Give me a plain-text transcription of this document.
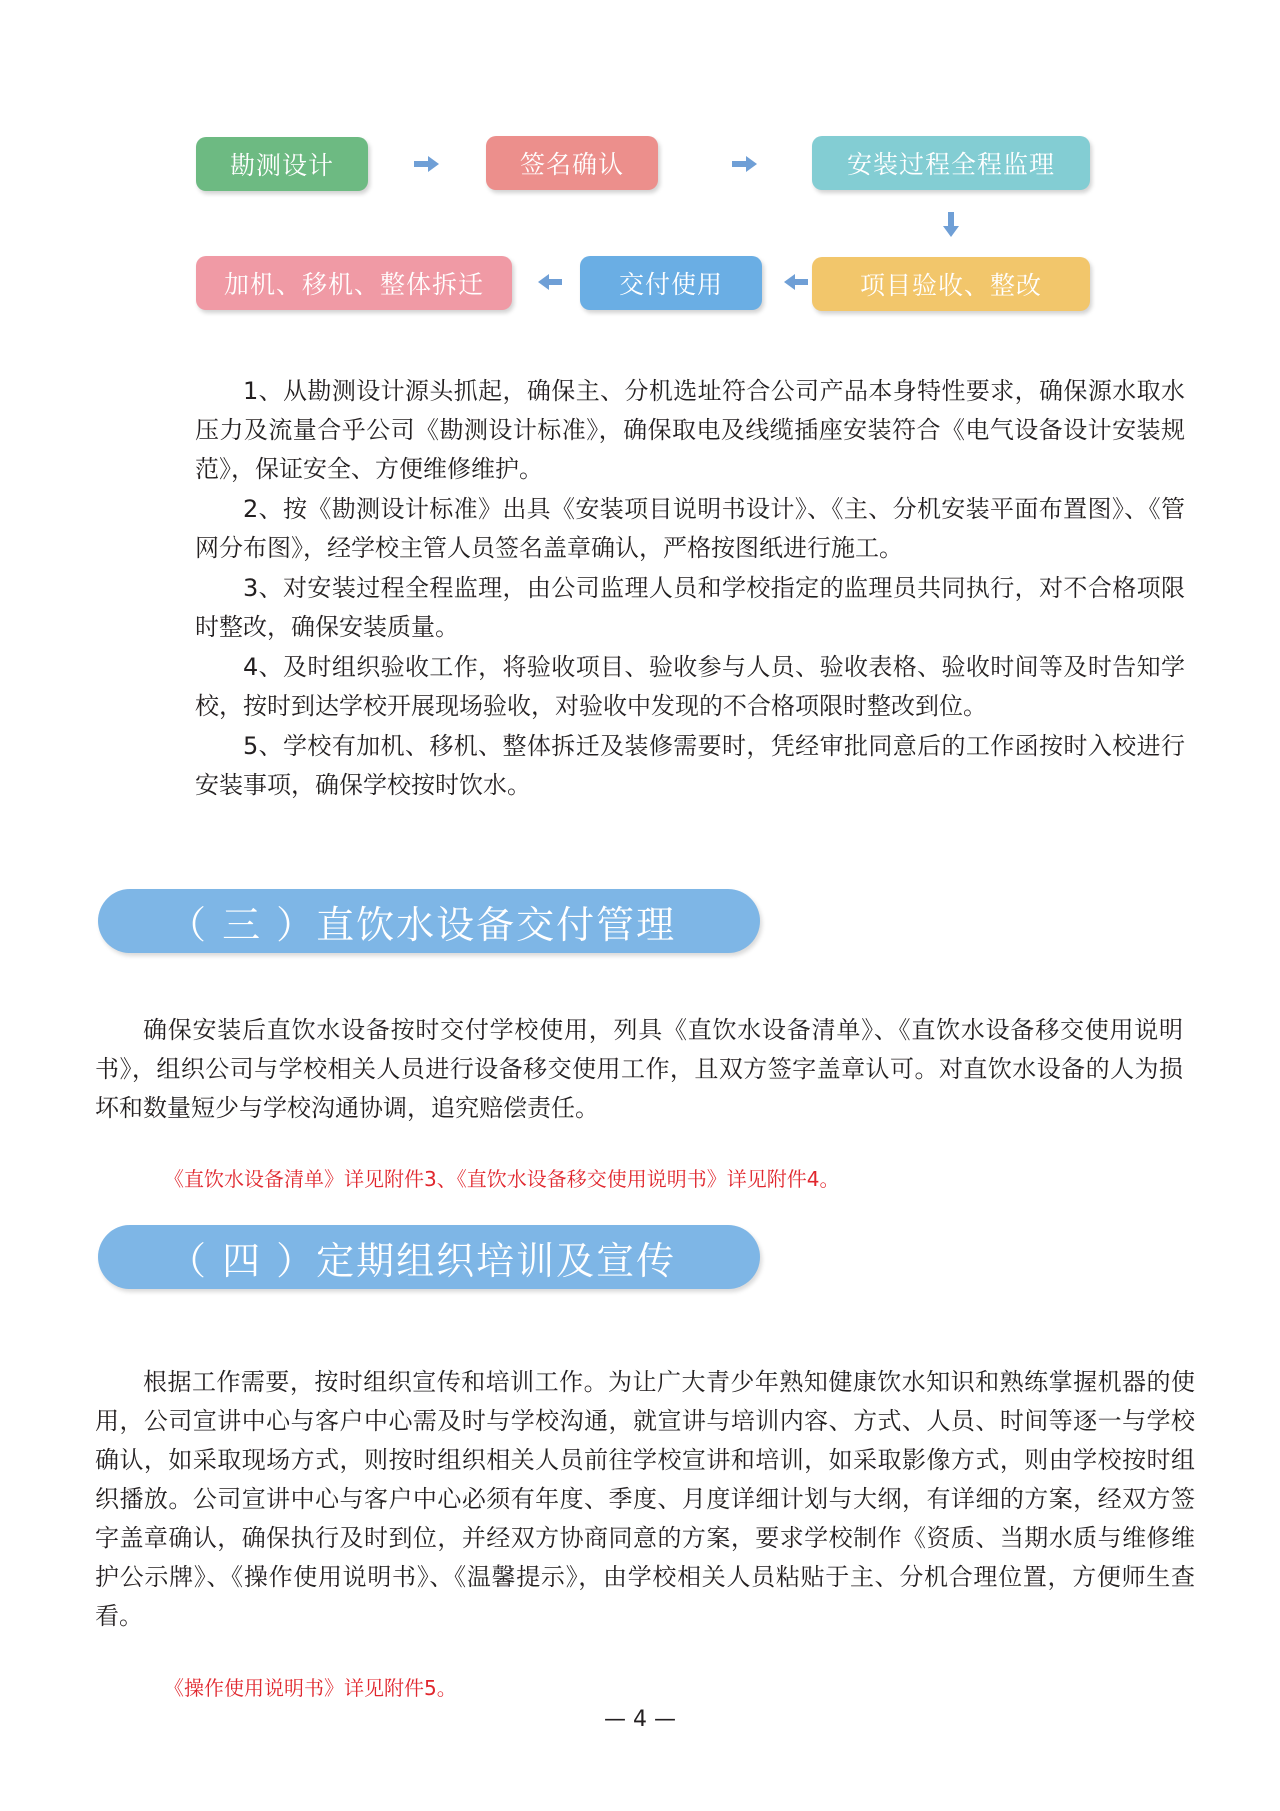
勘测设计	签名确认	安装过程全程监理
项目验收、整改
交付使用
加机、移机、整体拆迁

1、从勘测设计源头抓起，确保主、分机选址符合公司产品本身特性要求，确保源水取水压力及流量合乎公司《勘测设计标准》，确保取电及线缆插座安装符合《电气设备设计安装规范》，保证安全、方便维修维护。

2、按《勘测设计标准》出具《安装项目说明书设计》、《主、分机安装平面布置图》、《管网分布图》，经学校主管人员签名盖章确认，严格按图纸进行施工。

3、对安装过程全程监理，由公司监理人员和学校指定的监理员共同执行，对不合格项限时整改，确保安装质量。

4、及时组织验收工作，将验收项目、验收参与人员、验收表格、验收时间等及时告知学校，按时到达学校开展现场验收，对验收中发现的不合格项限时整改到位。

5、学校有加机、移机、整体拆迁及装修需要时，凭经审批同意后的工作函按时入校进行安装事项，确保学校按时饮水。

（ 三 ）直饮水设备交付管理

确保安装后直饮水设备按时交付学校使用，列具《直饮水设备清单》、《直饮水设备移交使用说明书》，组织公司与学校相关人员进行设备移交使用工作，且双方签字盖章认可。对直饮水设备的人为损坏和数量短少与学校沟通协调，追究赔偿责任。

《直饮水设备清单》详见附件3、《直饮水设备移交使用说明书》详见附件4。

（ 四 ）定期组织培训及宣传

根据工作需要，按时组织宣传和培训工作。为让广大青少年熟知健康饮水知识和熟练掌握机器的使用，公司宣讲中心与客户中心需及时与学校沟通，就宣讲与培训内容、方式、人员、时间等逐一与学校确认，如采取现场方式，则按时组织相关人员前往学校宣讲和培训，如采取影像方式，则由学校按时组织播放。公司宣讲中心与客户中心必须有年度、季度、月度详细计划与大纲，有详细的方案，经双方签字盖章确认，确保执行及时到位，并经双方协商同意的方案，要求学校制作《资质、当期水质与维修维护公示牌》、《操作使用说明书》、《温馨提示》，由学校相关人员粘贴于主、分机合理位置，方便师生查看。

《操作使用说明书》详见附件5。

— 4 —
